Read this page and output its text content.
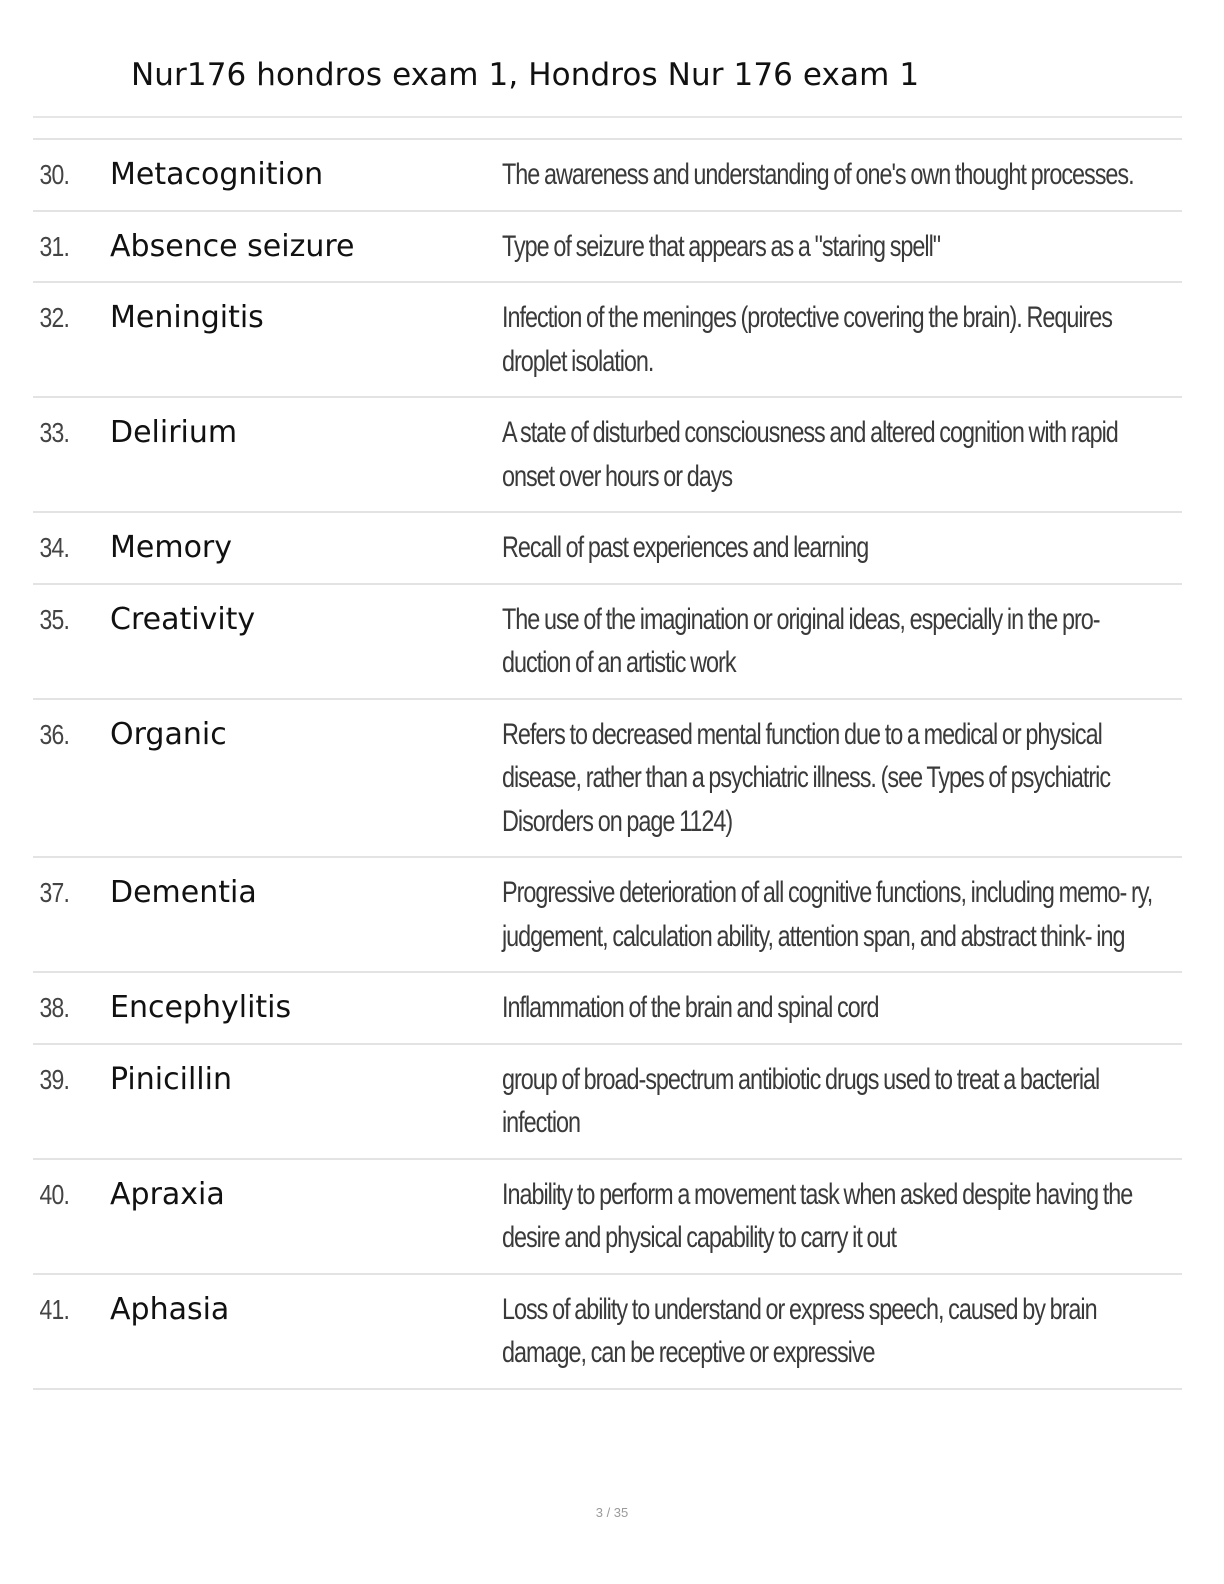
Nur176 hondros exam 1, Hondros Nur 176 exam 1
30.	Metacognition	The awareness and understanding of one's own thought processes.
31.	Absence seizure	Type of seizure that appears as a "staring spell"
32.	Meningitis	Infection of the meninges (protective covering the brain). Requires droplet isolation.
33.	Delirium	A state of disturbed consciousness and altered cognition with rapid onset over hours or days
34.	Memory	Recall of past experiences and learning
35.	Creativity	The use of the imagination or original ideas, especially in the pro- duction of an artistic work
36.	Organic	Refers to decreased mental function due to a medical or physical disease, rather than a psychiatric illness. (see Types of psychiatric Disorders on page 1124)
37.	Dementia	Progressive deterioration of all cognitive functions, including memo- ry, judgement, calculation ability, attention span, and abstract think- ing
38.	Encephylitis	Inflammation of the brain and spinal cord
39.	Pinicillin	group of broad-spectrum antibiotic drugs used to treat a bacterial infection
40.	Apraxia	Inability to perform a movement task when asked despite having the desire and physical capability to carry it out
41.	Aphasia	Loss of ability to understand or express speech, caused by brain damage, can be receptive or expressive
3 / 35
